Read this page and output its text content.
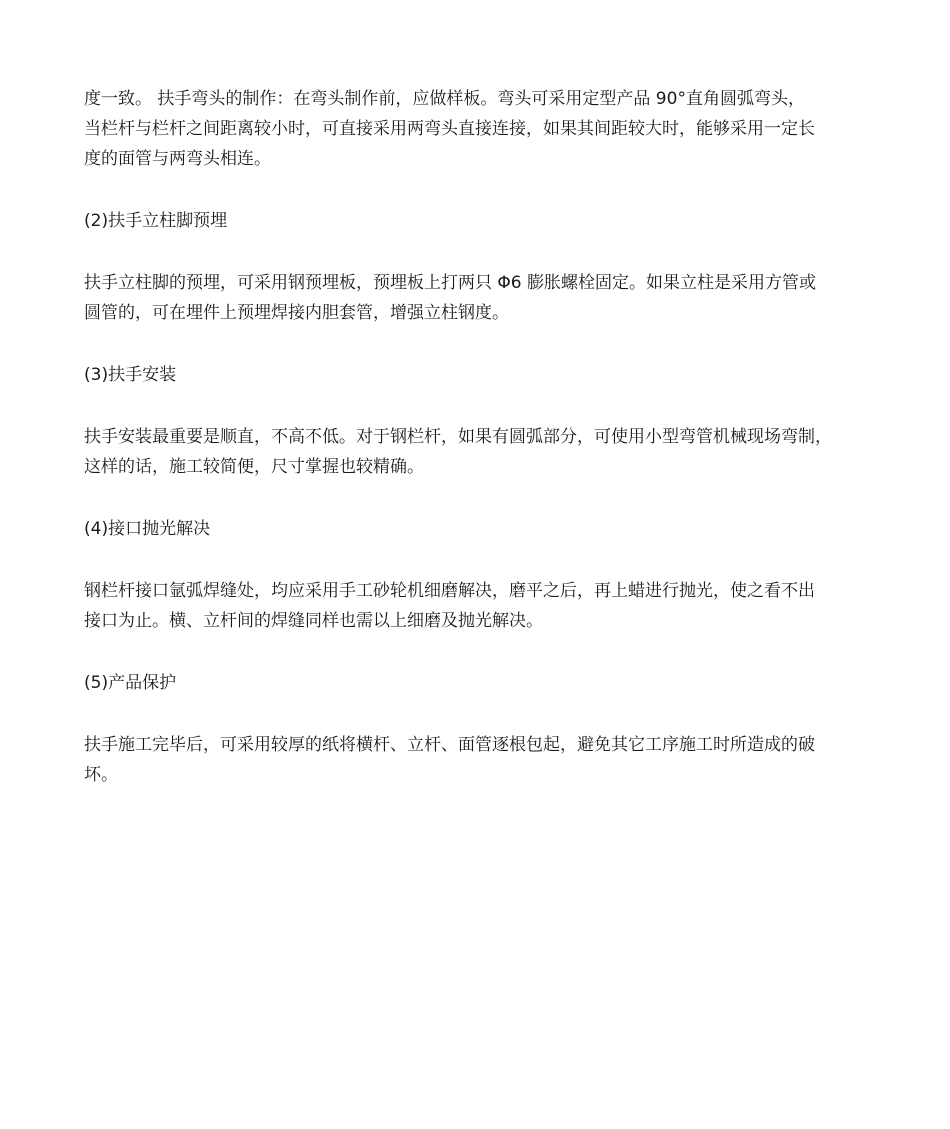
度一致。 扶手弯头的制作：在弯头制作前，应做样板。弯头可采用定型产品 90°直角圆弧弯头，
当栏杆与栏杆之间距离较小时，可直接采用两弯头直接连接，如果其间距较大时，能够采用一定长
度的面管与两弯头相连。

(2)扶手立柱脚预埋

扶手立柱脚的预埋，可采用钢预埋板，预埋板上打两只 Φ6 膨胀螺栓固定。如果立柱是采用方管或
圆管的，可在埋件上预埋焊接内胆套管，增强立柱钢度。

(3)扶手安装

扶手安装最重要是顺直，不高不低。对于钢栏杆，如果有圆弧部分，可使用小型弯管机械现场弯制，
这样的话，施工较简便，尺寸掌握也较精确。

(4)接口抛光解决

钢栏杆接口氩弧焊缝处，均应采用手工砂轮机细磨解决，磨平之后，再上蜡进行抛光，使之看不出
接口为止。横、立杆间的焊缝同样也需以上细磨及抛光解决。

(5)产品保护

扶手施工完毕后，可采用较厚的纸将横杆、立杆、面管逐根包起，避免其它工序施工时所造成的破
坏。
